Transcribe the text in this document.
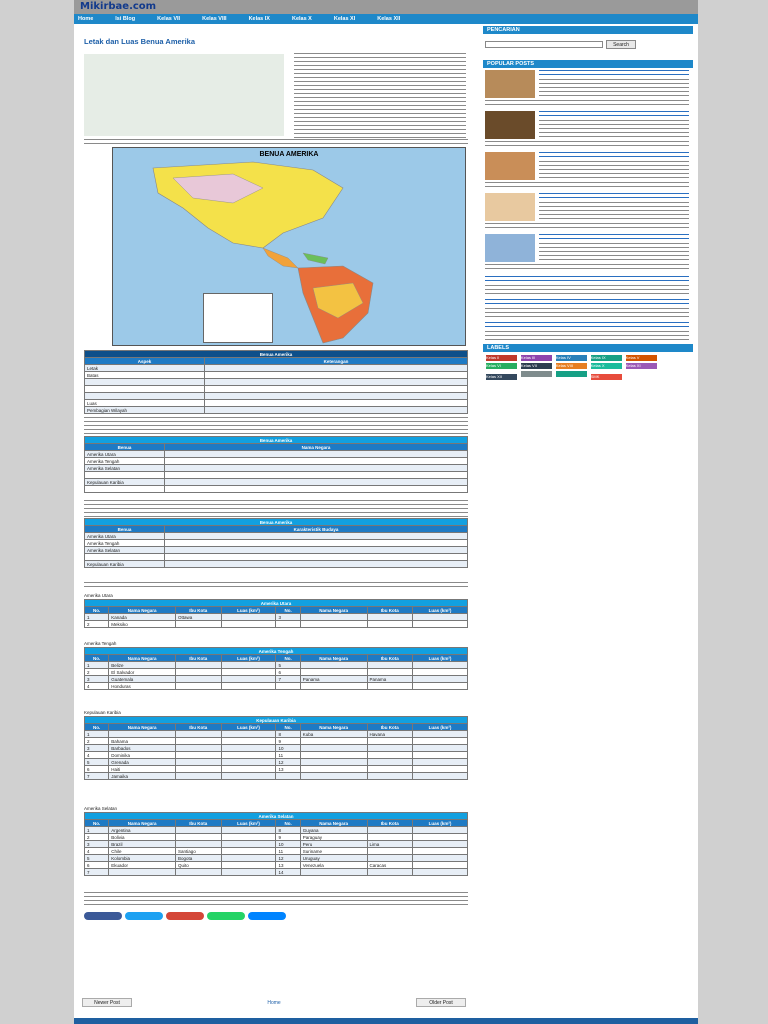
Mikirbae.com
Home	Isi Blog	Kelas VII	Kelas VIII	Kelas IX	Kelas X	Kelas XI	Kelas XII
Letak dan Luas Benua Amerika
BENUA AMERIKA
Benua Amerika	
Aspek	Keterangan
Letak	
Batas	

Luas	
Pembagian Wilayah	
Benua Amerika	
Benua	Nama Negara
Amerika Utara	
Amerika Tengah	
Amerika Selatan	

Kepulauan Karibia	

Benua Amerika	
Benua	Karakteristik Budaya
Amerika Utara	
Amerika Tengah	
Amerika Selatan	

Kepulauan Karibia	
Amerika Utara
Amerika Utara							
No.	Nama Negara	Ibu Kota	Luas (km²)	No.	Nama Negara	Ibu Kota	Luas (km²)
1	Kanada	Ottawa		3			
2	Meksiko						
Amerika Tengah
Amerika Tengah							
No.	Nama Negara	Ibu Kota	Luas (km²)	No.	Nama Negara	Ibu Kota	Luas (km²)
1	Belize			5			
2	El Salvador			6			
3	Guatemala			7	Panama	Panama	
4	Honduras						
Kepulauan Karibia
Kepulauan Karibia							
No.	Nama Negara	Ibu Kota	Luas (km²)	No.	Nama Negara	Ibu Kota	Luas (km²)
1				8	Kuba	Havana	
2	Bahama			9			
3	Barbados			10			
4	Dominika			11			
5	Grenada			12			
6	Haiti			13			
7	Jamaika						
Amerika Selatan
Amerika Selatan							
No.	Nama Negara	Ibu Kota	Luas (km²)	No.	Nama Negara	Ibu Kota	Luas (km²)
1	Argentina			8	Guyana		
2	Bolivia			9	Paraguay		
3	Brazil			10	Peru	Lima	
4	Chile	Santiago		11	Suriname		
5	Kolombia	Bogota		12	Uruguay		
6	Ekuador	Quito		13	Venezuela	Caracas	
7				14			
Newer Post	Home	Older Post
PENCARIAN
Search
POPULAR POSTS
LABELS
Kelas II	Kelas III	Kelas IV	Kelas IX	Kelas V Kelas VI	Kelas VII	Kelas VIII	Kelas X	Kelas XI Kelas XII	SMK
